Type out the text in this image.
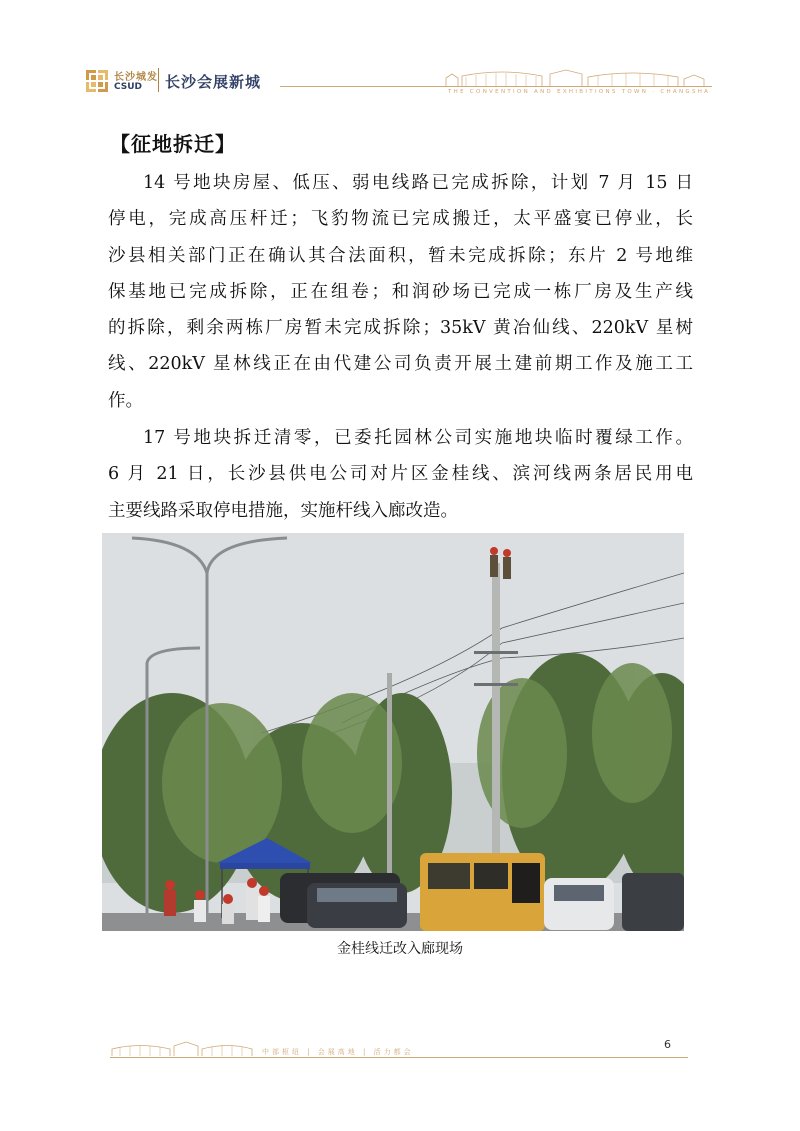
长沙城发
CSUD 长沙会展新城
THE CONVENTION AND EXHIBITIONS TOWN · CHANGSHA
【征地拆迁】
14 号地块房屋、低压、弱电线路已完成拆除，计划 7 月 15 日
停电，完成高压杆迁；飞豹物流已完成搬迁，太平盛宴已停业，长
沙县相关部门正在确认其合法面积，暂未完成拆除；东片 2 号地维
保基地已完成拆除，正在组卷；和润砂场已完成一栋厂房及生产线
的拆除，剩余两栋厂房暂未完成拆除；35kV 黄冶仙线、220kV 星树
线、220kV 星林线正在由代建公司负责开展土建前期工作及施工工
作。
17 号地块拆迁清零，已委托园林公司实施地块临时覆绿工作。
6 月 21 日，长沙县供电公司对片区金桂线、滨河线两条居民用电
主要线路采取停电措施，实施杆线入廊改造。
金桂线迁改入廊现场
中部枢纽 | 会展高地 | 活力都会
6
